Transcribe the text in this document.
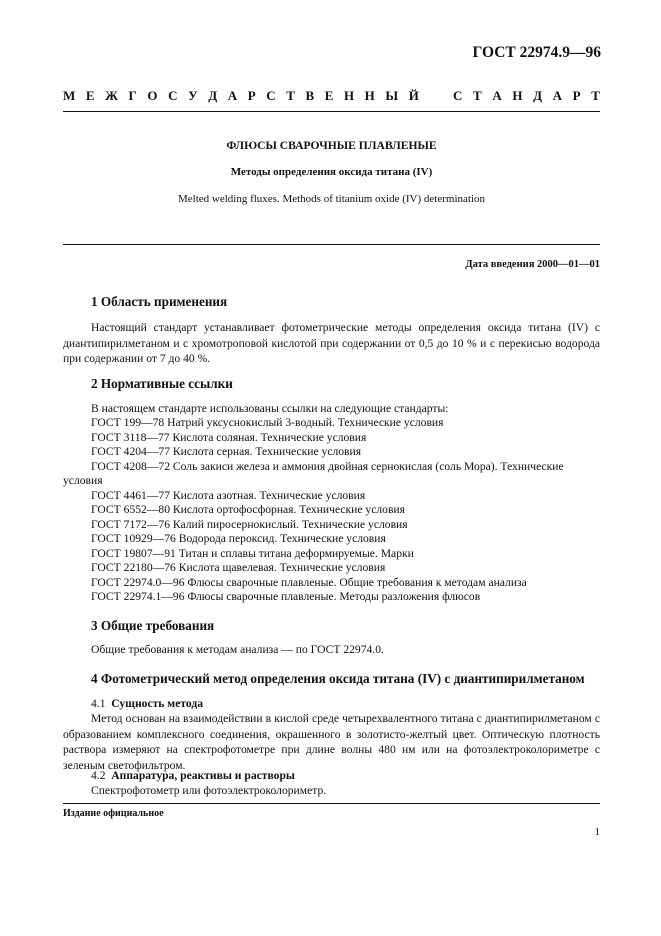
ГОСТ 22974.9—96
М Е Ж Г О С У Д А Р С Т В Е Н Н Ы Й	С Т А Н Д А Р Т
ФЛЮСЫ СВАРОЧНЫЕ ПЛАВЛЕНЫЕ
Методы определения оксида титана (IV)
Melted welding fluxes. Methods of titanium oxide (IV) determination
Дата введения 2000—01—01
1 Область применения
Настоящий стандарт устанавливает фотометрические методы определения оксида титана (IV) с диантипирилметаном и с хромотроповой кислотой при содержании от 0,5 до 10 % и с перекисью водорода при содержании от 7 до 40 %.
2 Нормативные ссылки
В настоящем стандарте использованы ссылки на следующие стандарты:
ГОСТ 199—78 Натрий уксуснокислый 3-водный. Технические условия
ГОСТ 3118—77 Кислота соляная. Технические условия
ГОСТ 4204—77 Кислота серная. Технические условия
ГОСТ 4208—72 Соль закиси железа и аммония двойная сернокислая (соль Мора). Технические
условия
ГОСТ 4461—77 Кислота азотная. Технические условия
ГОСТ 6552—80 Кислота ортофосфорная. Технические условия
ГОСТ 7172—76 Калий пиросернокислый. Технические условия
ГОСТ 10929—76 Водорода пероксид. Технические условия
ГОСТ 19807—91 Титан и сплавы титана деформируемые. Марки
ГОСТ 22180—76 Кислота щавелевая. Технические условия
ГОСТ 22974.0—96 Флюсы сварочные плавленые. Общие требования к методам анализа
ГОСТ 22974.1—96 Флюсы сварочные плавленые. Методы разложения флюсов
3 Общие требования
Общие требования к методам анализа — по ГОСТ 22974.0.
4 Фотометрический метод определения оксида титана (IV) с диантипирилметаном
4.1 Сущность метода
Метод основан на взаимодействии в кислой среде четырехвалентного титана с диантипирилметаном с образованием комплексного соединения, окрашенного в золотисто-желтый цвет. Оптическую плотность раствора измеряют на спектрофотометре при длине волны 480 нм или на фотоэлектроколориметре с зеленым светофильтром.
4.2 Аппаратура, реактивы и растворы
Спектрофотометр или фотоэлектроколориметр.
Издание официальное
1
